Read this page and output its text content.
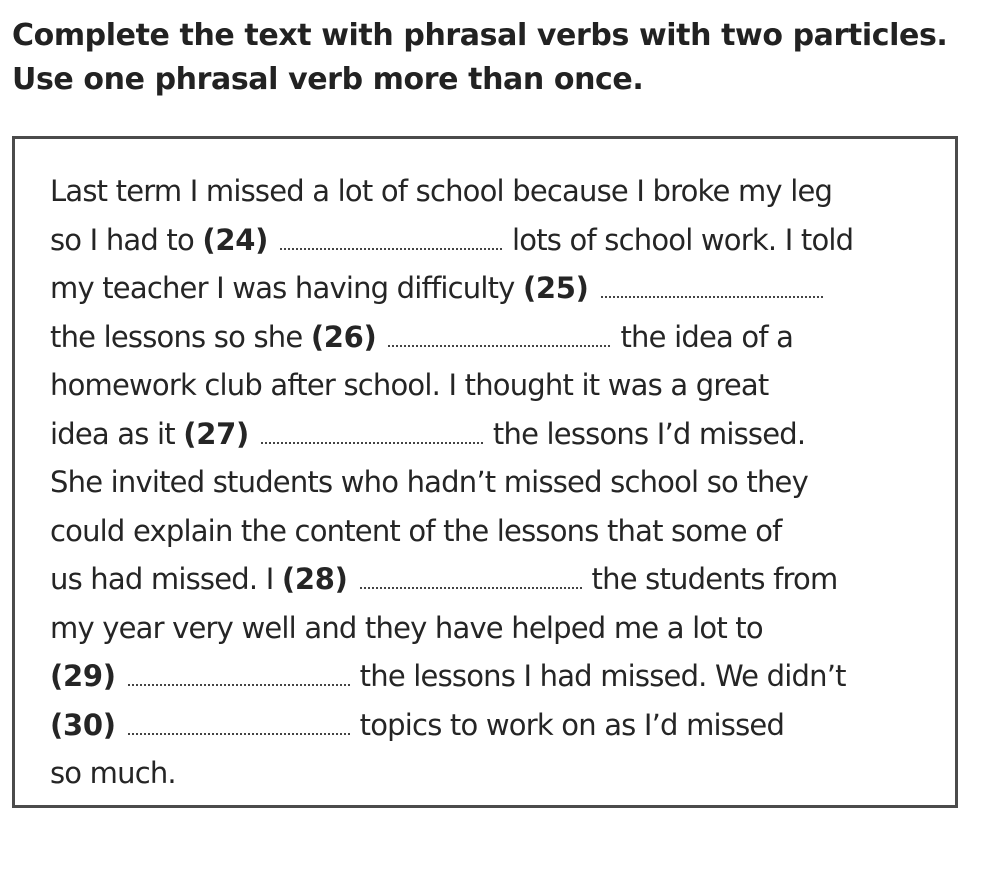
Complete the text with phrasal verbs with two particles.
Use one phrasal verb more than once.
Last term I missed a lot of school because I broke my leg
so I had to
(24)	lots of school work. I told
my teacher I was having difficulty
(25)
the lessons so she
(26)	the idea of a
homework club after school. I thought it was a great
idea as it
(27)	the lessons I’d missed.
She invited students who hadn’t missed school so they
could explain the content of the lessons that some of
us had missed. I
(28)	the students from
my year very well and they have helped me a lot to
(29)	the lessons I had missed. We didn’t
(30)	topics to work on as I’d missed
so much.
